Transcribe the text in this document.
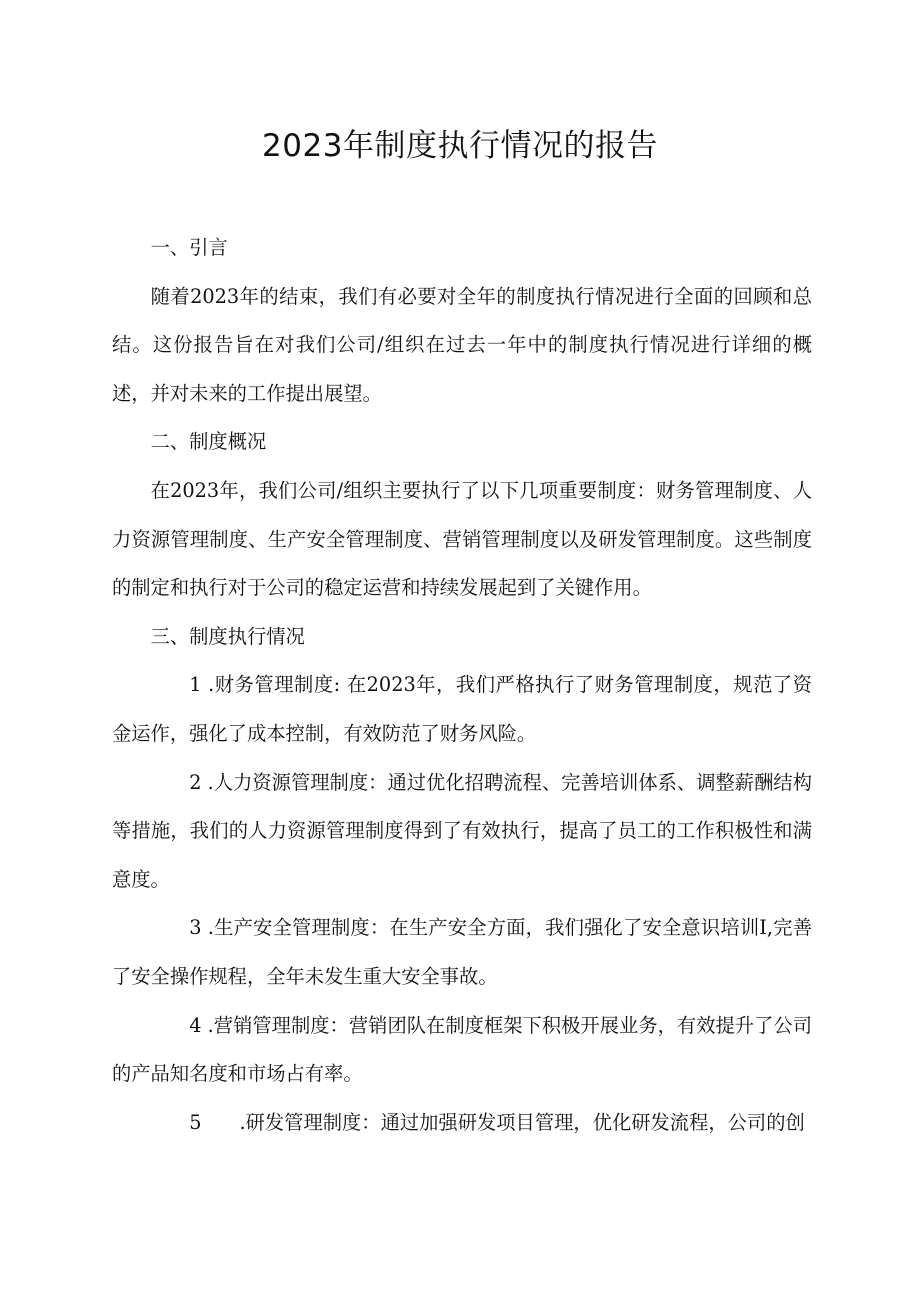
2023年制度执行情况的报告

一、引言

随着2023年的结束，我们有必要对全年的制度执行情况进行全面的回顾和总结。这份报告旨在对我们公司/组织在过去一年中的制度执行情况进行详细的概述，并对未来的工作提出展望。

二、制度概况

在2023年，我们公司/组织主要执行了以下几项重要制度：财务管理制度、人力资源管理制度、生产安全管理制度、营销管理制度以及研发管理制度。这些制度的制定和执行对于公司的稳定运营和持续发展起到了关键作用。

三、制度执行情况

1 .财务管理制度: 在2023年，我们严格执行了财务管理制度，规范了资金运作，强化了成本控制，有效防范了财务风险。

2 .人力资源管理制度：通过优化招聘流程、完善培训体系、调整薪酬结构等措施，我们的人力资源管理制度得到了有效执行，提高了员工的工作积极性和满意度。

3 .生产安全管理制度：在生产安全方面，我们强化了安全意识培训I,完善了安全操作规程，全年未发生重大安全事故。

4 .营销管理制度：营销团队在制度框架下积极开展业务，有效提升了公司的产品知名度和市场占有率。

5 .研发管理制度：通过加强研发项目管理，优化研发流程，公司的创
